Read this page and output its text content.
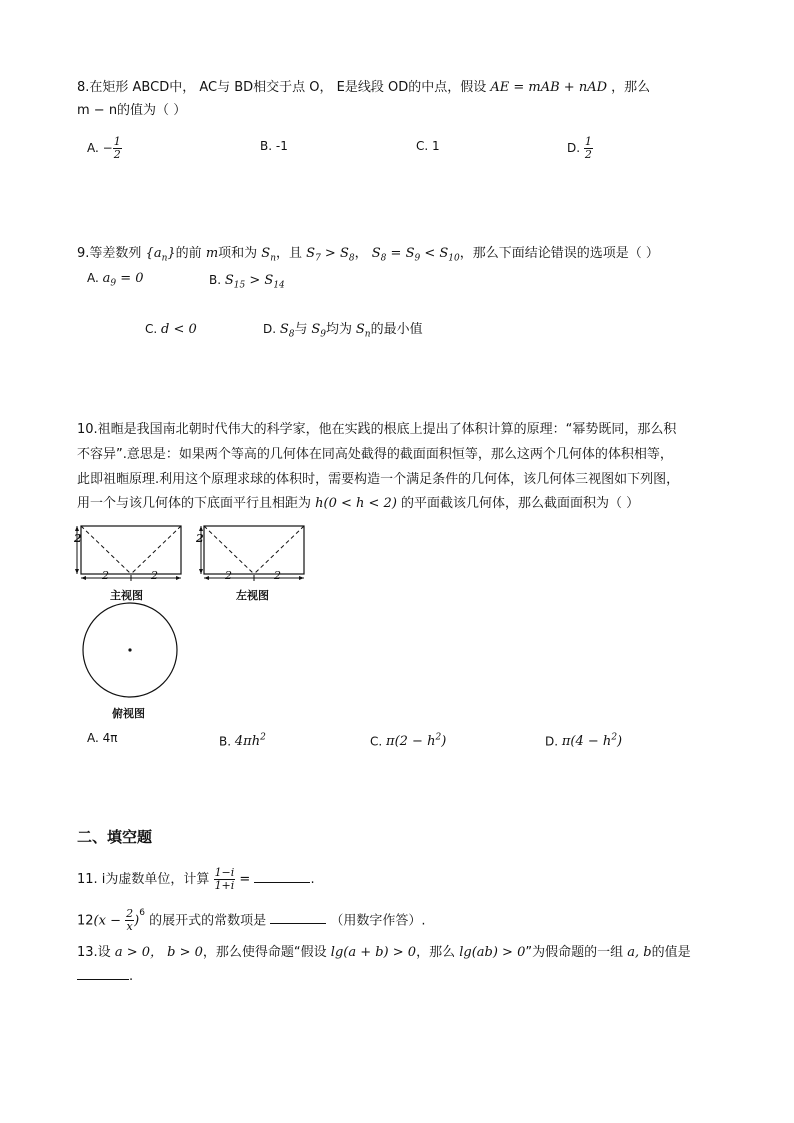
8.在矩形 ABCD中， AC与 BD相交于点 O， E是线段 OD的中点，假设 AE = mAB + nAD ，那么
m − n的值为（ ）
A. − $\frac{1}{2}$	B. -1	C. 1	D. $\frac{1}{2}$
9.等差数列 $\{a_n\}$的前 m项和为 $S_n$，且 $S_7 > S_8$， $S_8 = S_9 < S_{10}$，那么下面结论错误的选项是（ ）
A. $a_9 = 0$	B. $S_{15} > S_{14}$
C. d < 0	D. $S_8$与 $S_9$均为 $S_n$的最小值
10.祖暅是我国南北朝时代伟大的科学家，他在实践的根底上提出了体积计算的原理：“幂势既同，那么积
不容异”.意思是：如果两个等高的几何体在同高处截得的截面面积恒等，那么这两个几何体的体积相等，
此即祖暅原理.利用这个原理求球的体积时，需要构造一个满足条件的几何体，该几何体三视图如下列图，
用一个与该几何体的下底面平行且相距为 h(0 < h < 2) 的平面截该几何体，那么截面面积为（ ）
2	2
2	2	2	2
主视图	左视图
俯视图
A. 4π	B. $4\pi h^2$	C. $\pi(2 - h^2)$	D. $\pi(4 - h^2)$
二、填空题
11. i为虚数单位，计算 $\frac{1-i}{1+i}$ =	.
$12(x - \frac{2}{x} )^6$ 的展开式的常数项是	（用数字作答）.
13.设 a > 0， b > 0，那么使得命题“假设 lg(a + b) > 0，那么 lg(ab) > 0”为假命题的一组 a, b的值是
.
